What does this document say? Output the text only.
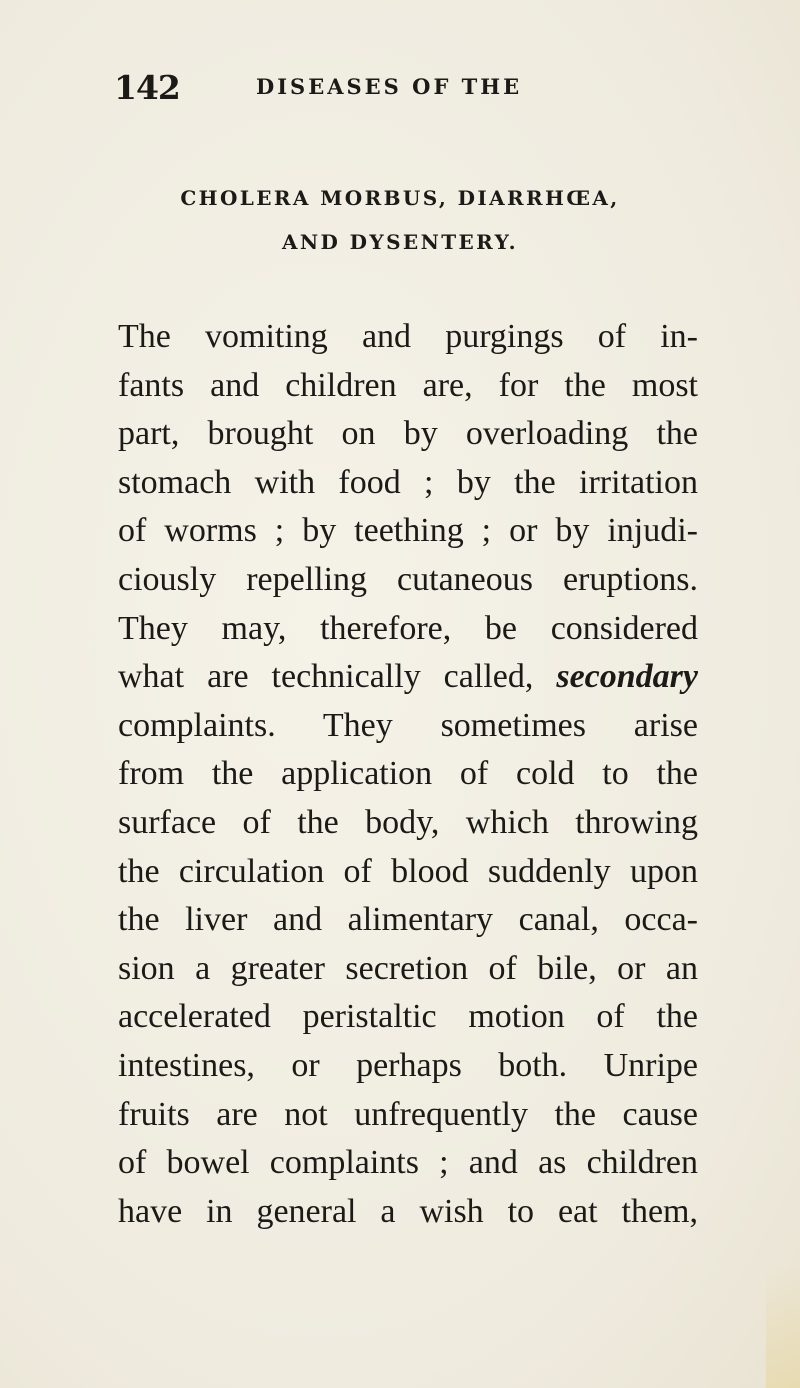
142	DISEASES OF THE
CHOLERA MORBUS, DIARRHŒA,
AND DYSENTERY.
The vomiting and purgings of in-
fants and children are, for the most
part, brought on by overloading the
stomach with food ; by the irritation
of worms ; by teething ; or by injudi-
ciously repelling cutaneous eruptions.
They may, therefore, be considered
what are technically called, secondary
complaints. They sometimes arise
from the application of cold to the
surface of the body, which throwing
the circulation of blood suddenly upon
the liver and alimentary canal, occa-
sion a greater secretion of bile, or an
accelerated peristaltic motion of the
intestines, or perhaps both. Unripe
fruits are not unfrequently the cause
of bowel complaints ; and as children
have in general a wish to eat them,
